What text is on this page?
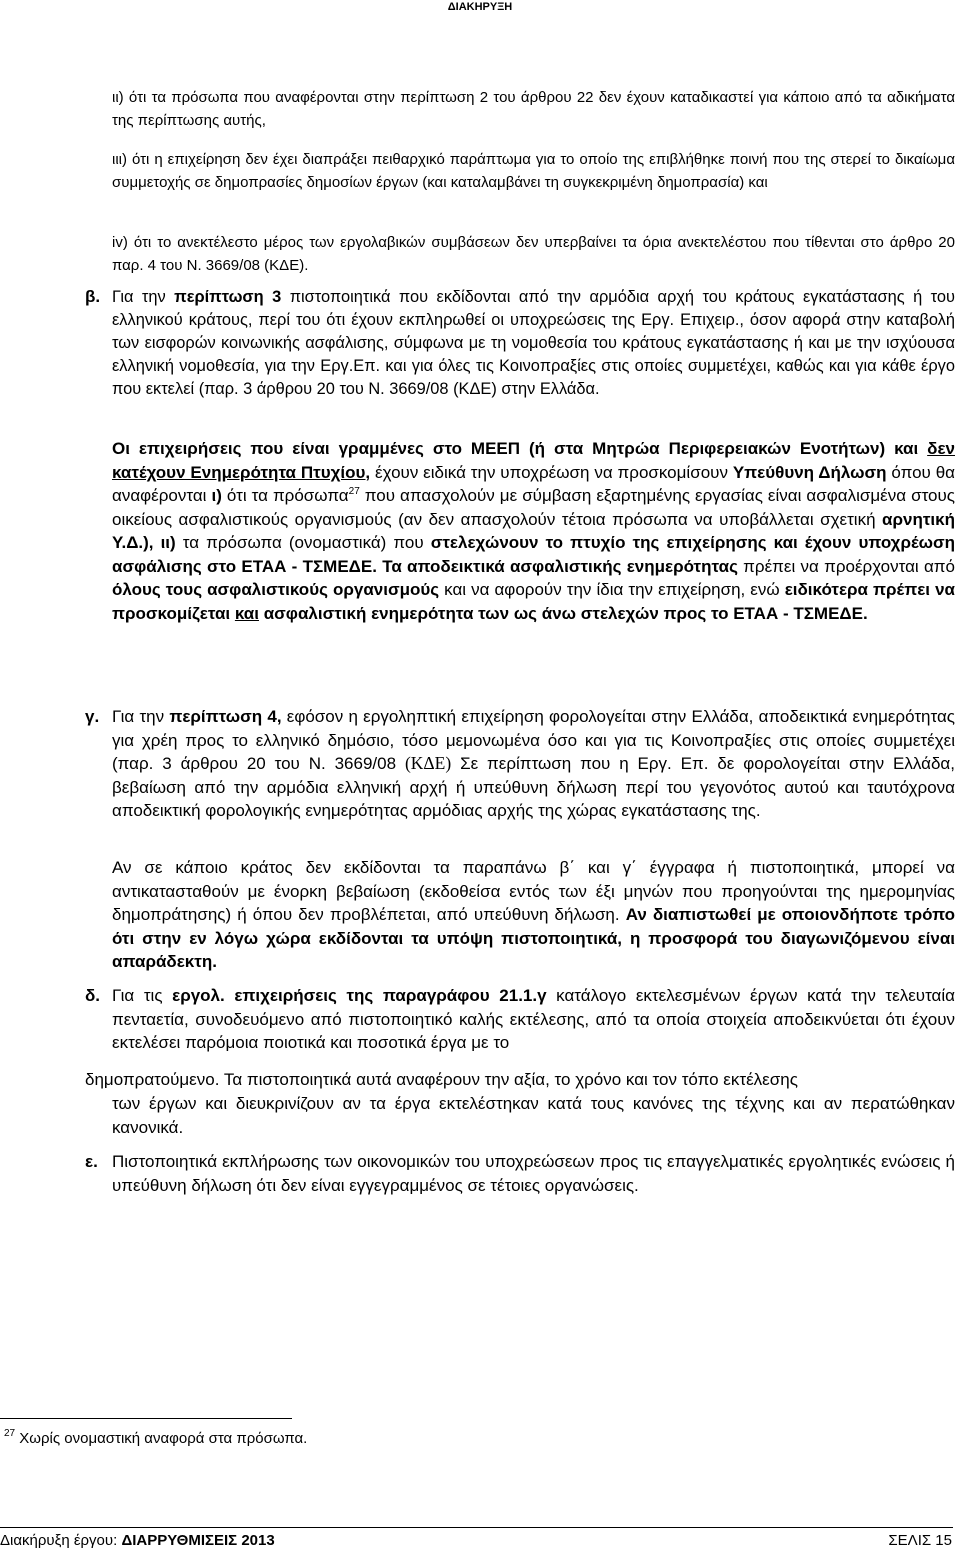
ΔΙΑΚΗΡΥΞΗ

ιι) ότι τα πρόσωπα που αναφέρονται στην περίπτωση 2 του άρθρου 22 δεν έχουν καταδικαστεί για κάποιο από τα αδικήματα της περίπτωσης αυτής,

ιιι) ότι η επιχείρηση δεν έχει διαπράξει πειθαρχικό παράπτωμα για το οποίο της επιβλήθηκε ποινή που της στερεί το δικαίωμα συμμετοχής σε δημοπρασίες δημοσίων έργων (και καταλαμβάνει τη συγκεκριμένη δημοπρασία) και

iv) ότι το ανεκτέλεστο μέρος των εργολαβικών συμβάσεων δεν υπερβαίνει τα όρια ανεκτελέστου που τίθενται στο άρθρο 20 παρ. 4 του Ν. 3669/08 (ΚΔΕ).

β. Για την περίπτωση 3 πιστοποιητικά που εκδίδονται από την αρμόδια αρχή του κράτους εγκατάστασης ή του ελληνικού κράτους, περί του ότι έχουν εκπληρωθεί οι υποχρεώσεις της Εργ. Επιχειρ., όσον αφορά στην καταβολή των εισφορών κοινωνικής ασφάλισης, σύμφωνα με τη νομοθεσία του κράτους εγκατάστασης ή και με την ισχύουσα ελληνική νομοθεσία, για την Εργ.Επ. και για όλες τις Κοινοπραξίες στις οποίες συμμετέχει, καθώς και για κάθε έργο που εκτελεί (παρ. 3 άρθρου 20 του Ν. 3669/08 (ΚΔΕ) στην Ελλάδα.

Οι επιχειρήσεις που είναι γραμμένες στο ΜΕΕΠ (ή στα Μητρώα Περιφερειακών Ενοτήτων) και δεν κατέχουν Ενημερότητα Πτυχίου, έχουν ειδικά την υποχρέωση να προσκομίσουν Υπεύθυνη Δήλωση όπου θα αναφέρονται ι) ότι τα πρόσωπα$^{27}$ που απασχολούν με σύμβαση εξαρτημένης εργασίας είναι ασφαλισμένα στους οικείους ασφαλιστικούς οργανισμούς (αν δεν απασχολούν τέτοια πρόσωπα να υποβάλλεται σχετική αρνητική Υ.Δ.), ιι) τα πρόσωπα (ονομαστικά) που στελεχώνουν το πτυχίο της επιχείρησης και έχουν υποχρέωση ασφάλισης στο ΕΤΑΑ - ΤΣΜΕΔΕ. Τα αποδεικτικά ασφαλιστικής ενημερότητας πρέπει να προέρχονται από όλους τους ασφαλιστικούς οργανισμούς και να αφορούν την ίδια την επιχείρηση, ενώ ειδικότερα πρέπει να προσκομίζεται και ασφαλιστική ενημερότητα των ως άνω στελεχών προς το ΕΤΑΑ - ΤΣΜΕΔΕ.

γ. Για την περίπτωση 4, εφόσον η εργοληπτική επιχείρηση φορολογείται στην Ελλάδα, αποδεικτικά ενημερότητας για χρέη προς το ελληνικό δημόσιο, τόσο μεμονωμένα όσο και για τις Κοινοπραξίες στις οποίες συμμετέχει (παρ. 3 άρθρου 20 του Ν. 3669/08 (ΚΔΕ) Σε περίπτωση που η Εργ. Επ. δε φορολογείται στην Ελλάδα, βεβαίωση από την αρμόδια ελληνική αρχή ή υπεύθυνη δήλωση περί του γεγονότος αυτού και ταυτόχρονα αποδεικτική φορολογικής ενημερότητας αρμόδιας αρχής της χώρας εγκατάστασης της.

Αν σε κάποιο κράτος δεν εκδίδονται τα παραπάνω β΄ και γ΄ έγγραφα ή πιστοποιητικά, μπορεί να αντικατασταθούν με ένορκη βεβαίωση (εκδοθείσα εντός των έξι μηνών που προηγούνται της ημερομηνίας δημοπράτησης) ή όπου δεν προβλέπεται, από υπεύθυνη δήλωση. Αν διαπιστωθεί με οποιονδήποτε τρόπο ότι στην εν λόγω χώρα εκδίδονται τα υπόψη πιστοποιητικά, η προσφορά του διαγωνιζόμενου είναι απαράδεκτη.

δ. Για τις εργολ. επιχειρήσεις της παραγράφου 21.1.γ κατάλογο εκτελεσμένων έργων κατά την τελευταία πενταετία, συνοδευόμενο από πιστοποιητικό καλής εκτέλεσης, από τα οποία στοιχεία αποδεικνύεται ότι έχουν εκτελέσει παρόμοια ποιοτικά και ποσοτικά έργα με το

δημοπρατούμενο. Τα πιστοποιητικά αυτά αναφέρουν την αξία, το χρόνο και τον τόπο εκτέλεσης

των έργων και διευκρινίζουν αν τα έργα εκτελέστηκαν κατά τους κανόνες της τέχνης και αν περατώθηκαν κανονικά.

ε. Πιστοποιητικά εκπλήρωσης των οικονομικών του υποχρεώσεων προς τις επαγγελματικές εργολητικές ενώσεις ή υπεύθυνη δήλωση ότι δεν είναι εγγεγραμμένος σε τέτοιες οργανώσεις.

$^{27}$ Χωρίς ονομαστική αναφορά στα πρόσωπα.
Διακήρυξη έργου: ΔΙΑΡΡΥΘΜΙΣΕΙΣ 2013	ΣΕΛΙΣ 15
